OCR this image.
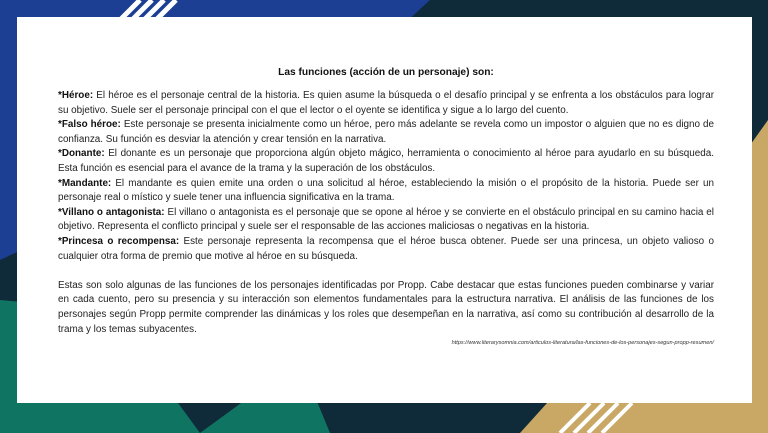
Las funciones (acción de un personaje) son:
*Héroe: El héroe es el personaje central de la historia. Es quien asume la búsqueda o el desafío principal y se enfrenta a los obstáculos para lograr su objetivo. Suele ser el personaje principal con el que el lector o el oyente se identifica y sigue a lo largo del cuento.
*Falso héroe: Este personaje se presenta inicialmente como un héroe, pero más adelante se revela como un impostor o alguien que no es digno de confianza. Su función es desviar la atención y crear tensión en la narrativa.
*Donante: El donante es un personaje que proporciona algún objeto mágico, herramienta o conocimiento al héroe para ayudarlo en su búsqueda. Esta función es esencial para el avance de la trama y la superación de los obstáculos.
*Mandante: El mandante es quien emite una orden o una solicitud al héroe, estableciendo la misión o el propósito de la historia. Puede ser un personaje real o místico y suele tener una influencia significativa en la trama.
*Villano o antagonista: El villano o antagonista es el personaje que se opone al héroe y se convierte en el obstáculo principal en su camino hacia el objetivo. Representa el conflicto principal y suele ser el responsable de las acciones maliciosas o negativas en la historia.
*Princesa o recompensa: Este personaje representa la recompensa que el héroe busca obtener. Puede ser una princesa, un objeto valioso o cualquier otra forma de premio que motive al héroe en su búsqueda.
Estas son solo algunas de las funciones de los personajes identificadas por Propp. Cabe destacar que estas funciones pueden combinarse y variar en cada cuento, pero su presencia y su interacción son elementos fundamentales para la estructura narrativa. El análisis de las funciones de los personajes según Propp permite comprender las dinámicas y los roles que desempeñan en la narrativa, así como su contribución al desarrollo de la trama y los temas subyacentes.
https://www.literarysomnia.com/articulos-literatura/las-funciones-de-los-personajes-segun-propp-resumen/
